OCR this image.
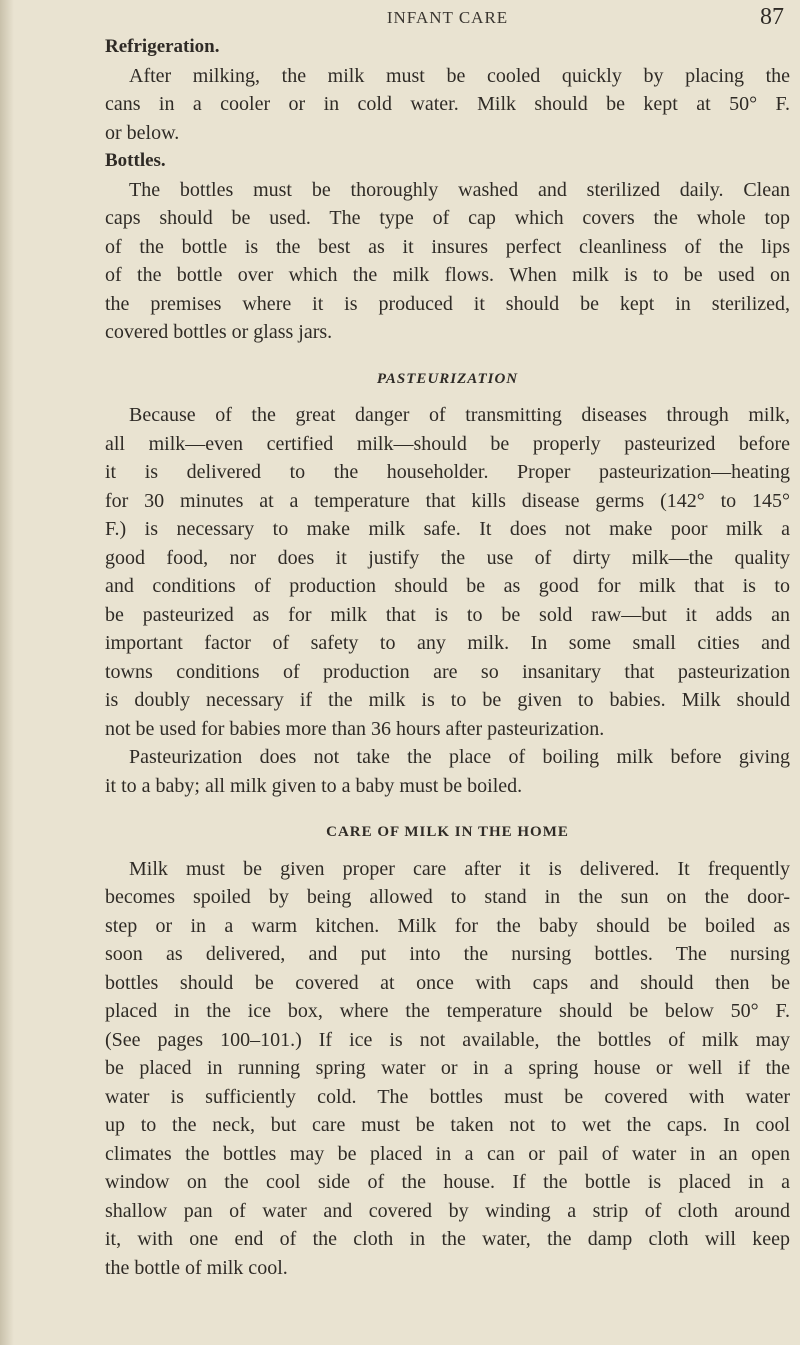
INFANT CARE	87
Refrigeration.
After milking, the milk must be cooled quickly by placing the
cans in a cooler or in cold water. Milk should be kept at 50° F.
or below.
Bottles.
The bottles must be thoroughly washed and sterilized daily. Clean
caps should be used. The type of cap which covers the whole top
of the bottle is the best as it insures perfect cleanliness of the lips
of the bottle over which the milk flows. When milk is to be used on
the premises where it is produced it should be kept in sterilized,
covered bottles or glass jars.
PASTEURIZATION
Because of the great danger of transmitting diseases through milk,
all milk—even certified milk—should be properly pasteurized before
it is delivered to the householder. Proper pasteurization—heating
for 30 minutes at a temperature that kills disease germs (142° to 145°
F.) is necessary to make milk safe. It does not make poor milk a
good food, nor does it justify the use of dirty milk—the quality
and conditions of production should be as good for milk that is to
be pasteurized as for milk that is to be sold raw—but it adds an
important factor of safety to any milk. In some small cities and
towns conditions of production are so insanitary that pasteurization
is doubly necessary if the milk is to be given to babies. Milk should
not be used for babies more than 36 hours after pasteurization.
Pasteurization does not take the place of boiling milk before giving
it to a baby; all milk given to a baby must be boiled.
CARE OF MILK IN THE HOME
Milk must be given proper care after it is delivered. It frequently
becomes spoiled by being allowed to stand in the sun on the door-
step or in a warm kitchen. Milk for the baby should be boiled as
soon as delivered, and put into the nursing bottles. The nursing
bottles should be covered at once with caps and should then be
placed in the ice box, where the temperature should be below 50° F.
(See pages 100–101.) If ice is not available, the bottles of milk may
be placed in running spring water or in a spring house or well if the
water is sufficiently cold. The bottles must be covered with water
up to the neck, but care must be taken not to wet the caps. In cool
climates the bottles may be placed in a can or pail of water in an open
window on the cool side of the house. If the bottle is placed in a
shallow pan of water and covered by winding a strip of cloth around
it, with one end of the cloth in the water, the damp cloth will keep
the bottle of milk cool.
